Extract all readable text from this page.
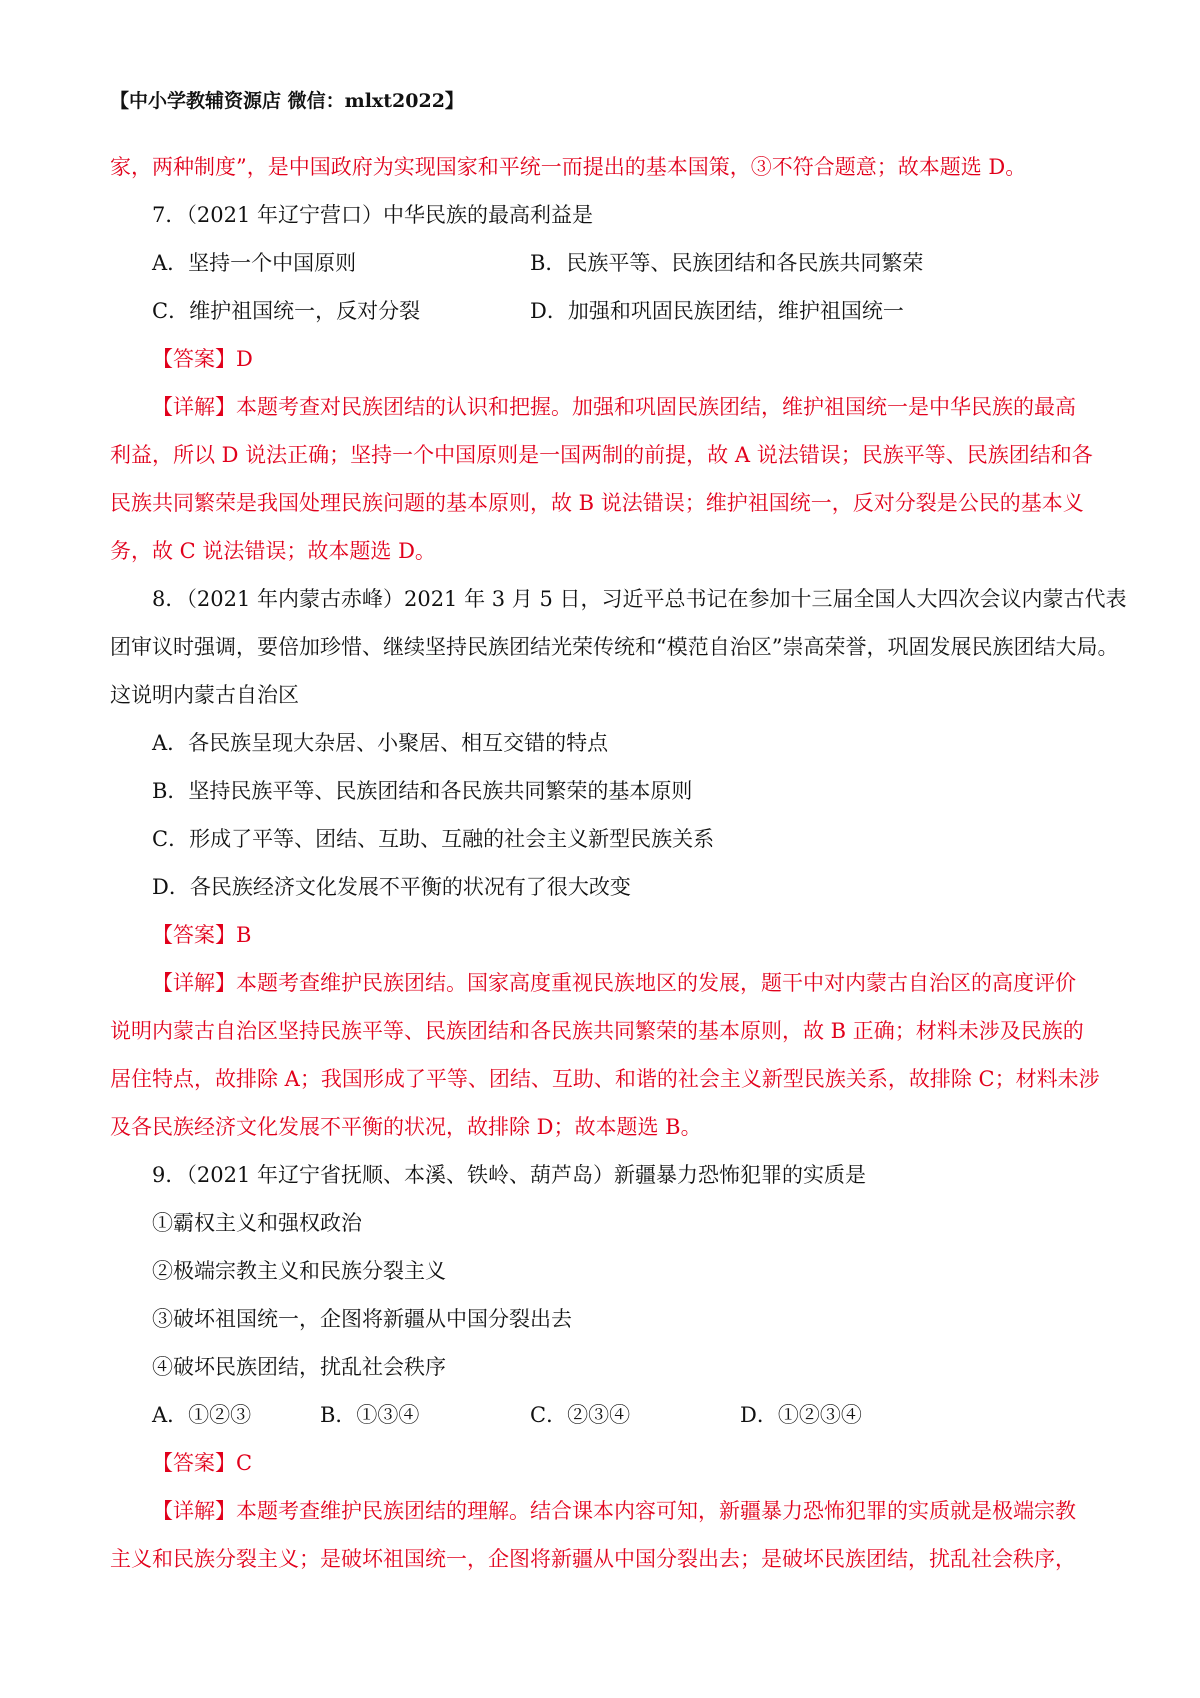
【中小学教辅资源店 微信：mlxt2022】
家，两种制度”，是中国政府为实现国家和平统一而提出的基本国策，③不符合题意；故本题选 D。
7．（2021 年辽宁营口）中华民族的最高利益是
A．坚持一个中国原则	B．民族平等、民族团结和各民族共同繁荣
C．维护祖国统一，反对分裂	D．加强和巩固民族团结，维护祖国统一
【答案】D
【详解】本题考查对民族团结的认识和把握。加强和巩固民族团结，维护祖国统一是中华民族的最高
利益，所以 D 说法正确；坚持一个中国原则是一国两制的前提，故 A 说法错误；民族平等、民族团结和各
民族共同繁荣是我国处理民族问题的基本原则，故 B 说法错误；维护祖国统一，反对分裂是公民的基本义
务，故 C 说法错误；故本题选 D。
8．（2021 年内蒙古赤峰）2021 年 3 月 5 日，习近平总书记在参加十三届全国人大四次会议内蒙古代表
团审议时强调，要倍加珍惜、继续坚持民族团结光荣传统和“模范自治区”崇高荣誉，巩固发展民族团结大局。
这说明内蒙古自治区
A．各民族呈现大杂居、小聚居、相互交错的特点
B．坚持民族平等、民族团结和各民族共同繁荣的基本原则
C．形成了平等、团结、互助、互融的社会主义新型民族关系
D．各民族经济文化发展不平衡的状况有了很大改变
【答案】B
【详解】本题考查维护民族团结。国家高度重视民族地区的发展，题干中对内蒙古自治区的高度评价
说明内蒙古自治区坚持民族平等、民族团结和各民族共同繁荣的基本原则，故 B 正确；材料未涉及民族的
居住特点，故排除 A；我国形成了平等、团结、互助、和谐的社会主义新型民族关系，故排除 C；材料未涉
及各民族经济文化发展不平衡的状况，故排除 D；故本题选 B。
9．（2021 年辽宁省抚顺、本溪、铁岭、葫芦岛）新疆暴力恐怖犯罪的实质是
①霸权主义和强权政治
②极端宗教主义和民族分裂主义
③破坏祖国统一，企图将新疆从中国分裂出去
④破坏民族团结，扰乱社会秩序
A．①②③	B．①③④	C．②③④	D．①②③④
【答案】C
【详解】本题考查维护民族团结的理解。结合课本内容可知，新疆暴力恐怖犯罪的实质就是极端宗教
主义和民族分裂主义；是破坏祖国统一，企图将新疆从中国分裂出去；是破坏民族团结，扰乱社会秩序，
